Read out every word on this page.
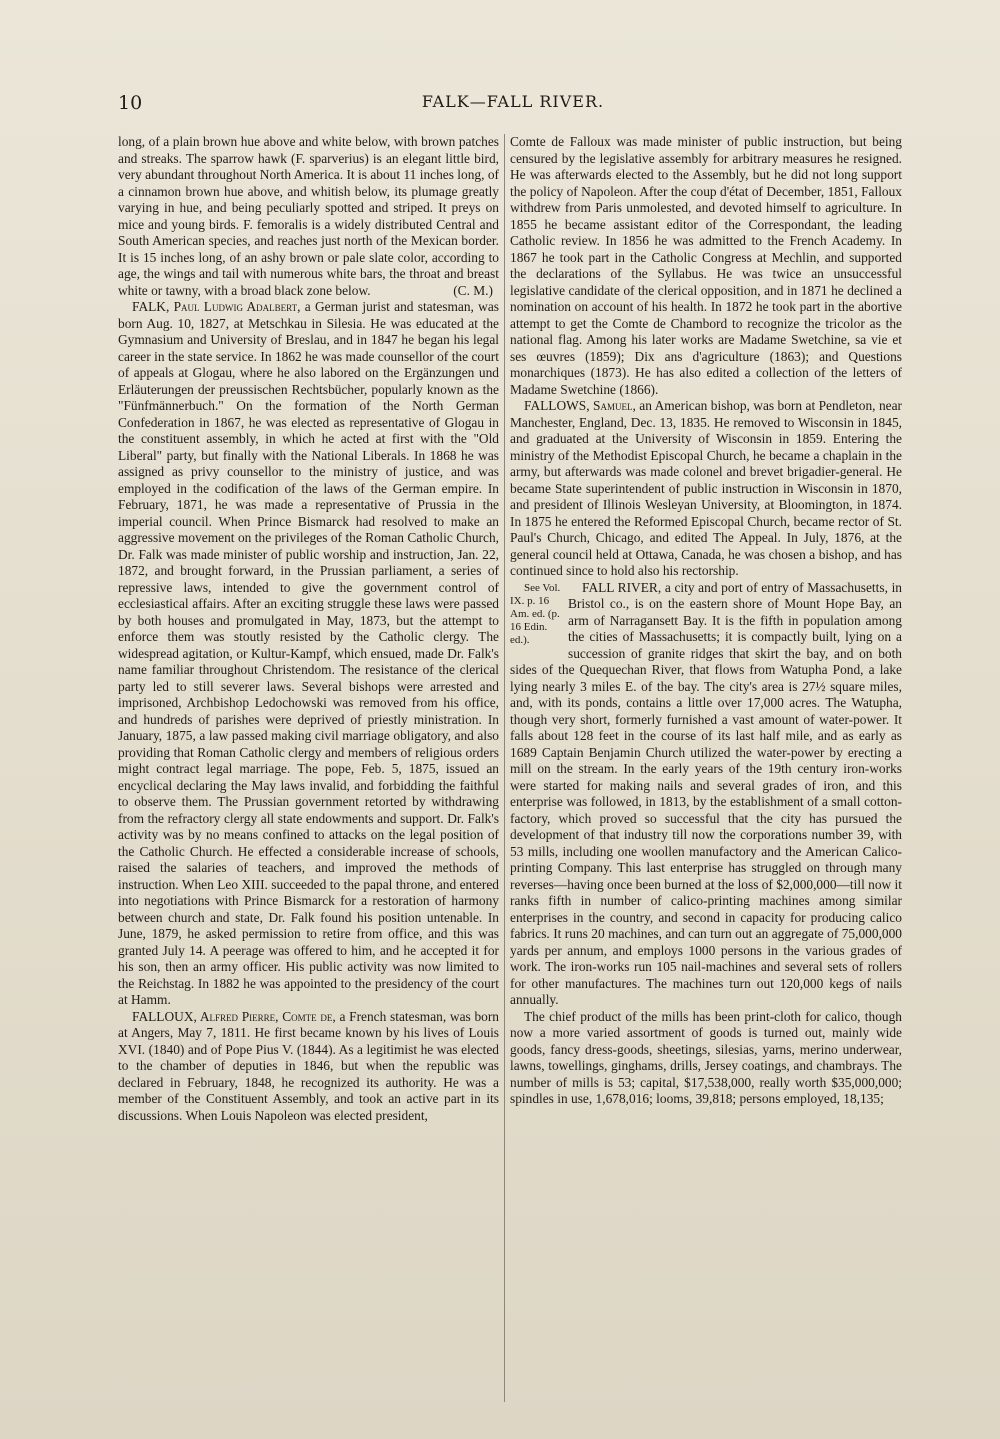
10	FALK—FALL RIVER.

long, of a plain brown hue above and white below, with brown patches and streaks. The sparrow hawk (F. sparverius) is an elegant little bird, very abundant throughout North America. It is about 11 inches long, of a cinnamon brown hue above, and whitish below, its plumage greatly varying in hue, and being peculiarly spotted and striped. It preys on mice and young birds. F. femoralis is a widely distributed Central and South American species, and reaches just north of the Mexican border. It is 15 inches long, of an ashy brown or pale slate color, according to age, the wings and tail with numerous white bars, the throat and breast white or tawny, with a broad black zone below.	(C. M.)

FALK, Paul Ludwig Adalbert, a German jurist and statesman, was born Aug. 10, 1827, at Metschkau in Silesia. He was educated at the Gymnasium and University of Breslau, and in 1847 he began his legal career in the state service. In 1862 he was made counsellor of the court of appeals at Glogau, where he also labored on the Ergänzungen und Erläuterungen der preussischen Rechtsbücher, popularly known as the "Fünfmännerbuch." On the formation of the North German Confederation in 1867, he was elected as representative of Glogau in the constituent assembly, in which he acted at first with the "Old Liberal" party, but finally with the National Liberals. In 1868 he was assigned as privy counsellor to the ministry of justice, and was employed in the codification of the laws of the German empire. In February, 1871, he was made a representative of Prussia in the imperial council. When Prince Bismarck had resolved to make an aggressive movement on the privileges of the Roman Catholic Church, Dr. Falk was made minister of public worship and instruction, Jan. 22, 1872, and brought forward, in the Prussian parliament, a series of repressive laws, intended to give the government control of ecclesiastical affairs. After an exciting struggle these laws were passed by both houses and promulgated in May, 1873, but the attempt to enforce them was stoutly resisted by the Catholic clergy. The widespread agitation, or Kultur-Kampf, which ensued, made Dr. Falk's name familiar throughout Christendom. The resistance of the clerical party led to still severer laws. Several bishops were arrested and imprisoned, Archbishop Ledochowski was removed from his office, and hundreds of parishes were deprived of priestly ministration. In January, 1875, a law passed making civil marriage obligatory, and also providing that Roman Catholic clergy and members of religious orders might contract legal marriage. The pope, Feb. 5, 1875, issued an encyclical declaring the May laws invalid, and forbidding the faithful to observe them. The Prussian government retorted by withdrawing from the refractory clergy all state endowments and support. Dr. Falk's activity was by no means confined to attacks on the legal position of the Catholic Church. He effected a considerable increase of schools, raised the salaries of teachers, and improved the methods of instruction. When Leo XIII. succeeded to the papal throne, and entered into negotiations with Prince Bismarck for a restoration of harmony between church and state, Dr. Falk found his position untenable. In June, 1879, he asked permission to retire from office, and this was granted July 14. A peerage was offered to him, and he accepted it for his son, then an army officer. His public activity was now limited to the Reichstag. In 1882 he was appointed to the presidency of the court at Hamm.

FALLOUX, Alfred Pierre, Comte de, a French statesman, was born at Angers, May 7, 1811. He first became known by his lives of Louis XVI. (1840) and of Pope Pius V. (1844). As a legitimist he was elected to the chamber of deputies in 1846, but when the republic was declared in February, 1848, he recognized its authority. He was a member of the Constituent Assembly, and took an active part in its discussions. When Louis Napoleon was elected president,

Comte de Falloux was made minister of public instruction, but being censured by the legislative assembly for arbitrary measures he resigned. He was afterwards elected to the Assembly, but he did not long support the policy of Napoleon. After the coup d'état of December, 1851, Falloux withdrew from Paris unmolested, and devoted himself to agriculture. In 1855 he became assistant editor of the Correspondant, the leading Catholic review. In 1856 he was admitted to the French Academy. In 1867 he took part in the Catholic Congress at Mechlin, and supported the declarations of the Syllabus. He was twice an unsuccessful legislative candidate of the clerical opposition, and in 1871 he declined a nomination on account of his health. In 1872 he took part in the abortive attempt to get the Comte de Chambord to recognize the tricolor as the national flag. Among his later works are Madame Swetchine, sa vie et ses œuvres (1859); Dix ans d'agriculture (1863); and Questions monarchiques (1873). He has also edited a collection of the letters of Madame Swetchine (1866).

FALLOWS, Samuel, an American bishop, was born at Pendleton, near Manchester, England, Dec. 13, 1835. He removed to Wisconsin in 1845, and graduated at the University of Wisconsin in 1859. Entering the ministry of the Methodist Episcopal Church, he became a chaplain in the army, but afterwards was made colonel and brevet brigadier-general. He became State superintendent of public instruction in Wisconsin in 1870, and president of Illinois Wesleyan University, at Bloomington, in 1874. In 1875 he entered the Reformed Episcopal Church, became rector of St. Paul's Church, Chicago, and edited The Appeal. In July, 1876, at the general council held at Ottawa, Canada, he was chosen a bishop, and has continued since to hold also his rectorship.

FALL RIVER,
See Vol. IX. p. 16 Am. ed. (p. 16 Edin. ed.).
a city and port of entry of Massachusetts, in Bristol co., is on the eastern shore of Mount Hope Bay, an arm of Narragansett Bay. It is the fifth in population among the cities of Massachusetts; it is compactly built, lying on a succession of granite ridges that skirt the bay, and on both sides of the Quequechan River, that flows from Watupha Pond, a lake lying nearly 3 miles E. of the bay. The city's area is 27½ square miles, and, with its ponds, contains a little over 17,000 acres. The Watupha, though very short, formerly furnished a vast amount of water-power. It falls about 128 feet in the course of its last half mile, and as early as 1689 Captain Benjamin Church utilized the water-power by erecting a mill on the stream. In the early years of the 19th century iron-works were started for making nails and several grades of iron, and this enterprise was followed, in 1813, by the establishment of a small cotton-factory, which proved so successful that the city has pursued the development of that industry till now the corporations number 39, with 53 mills, including one woollen manufactory and the American Calico-printing Company. This last enterprise has struggled on through many reverses—having once been burned at the loss of $2,000,000—till now it ranks fifth in number of calico-printing machines among similar enterprises in the country, and second in capacity for producing calico fabrics. It runs 20 machines, and can turn out an aggregate of 75,000,000 yards per annum, and employs 1000 persons in the various grades of work. The iron-works run 105 nail-machines and several sets of rollers for other manufactures. The machines turn out 120,000 kegs of nails annually.

The chief product of the mills has been print-cloth for calico, though now a more varied assortment of goods is turned out, mainly wide goods, fancy dress-goods, sheetings, silesias, yarns, merino underwear, lawns, towellings, ginghams, drills, Jersey coatings, and chambrays. The number of mills is 53; capital, $17,538,000, really worth $35,000,000; spindles in use, 1,678,016; looms, 39,818; persons employed, 18,135;
